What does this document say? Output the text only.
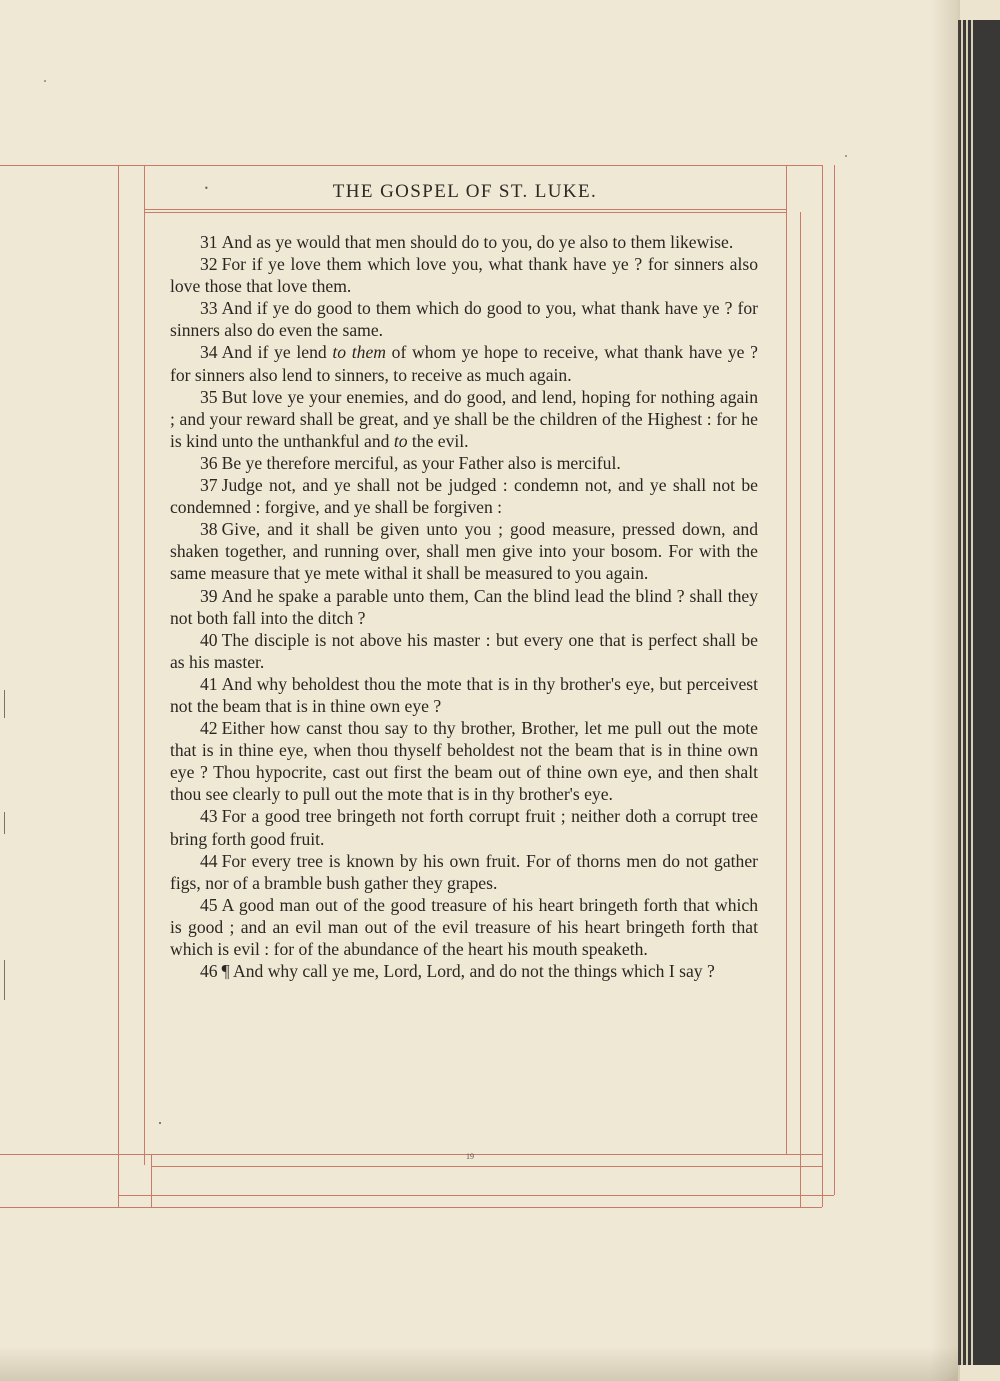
•	THE GOSPEL OF ST. LUKE.

31 And as ye would that men should do to you, do ye also to them likewise.

32 For if ye love them which love you, what thank have ye ? for sinners also love those that love them.

33 And if ye do good to them which do good to you, what thank have ye ? for sinners also do even the same.

34 And if ye lend to them of whom ye hope to receive, what thank have ye ? for sinners also lend to sinners, to receive as much again.

35 But love ye your enemies, and do good, and lend, hoping for nothing again ; and your reward shall be great, and ye shall be the children of the Highest : for he is kind unto the unthankful and to the evil.

36 Be ye therefore merciful, as your Father also is merciful.

37 Judge not, and ye shall not be judged : condemn not, and ye shall not be condemned : forgive, and ye shall be forgiven :

38 Give, and it shall be given unto you ; good measure, pressed down, and shaken together, and running over, shall men give into your bosom. For with the same measure that ye mete withal it shall be measured to you again.

39 And he spake a parable unto them, Can the blind lead the blind ? shall they not both fall into the ditch ?

40 The disciple is not above his master : but every one that is perfect shall be as his master.

41 And why beholdest thou the mote that is in thy brother's eye, but perceivest not the beam that is in thine own eye ?

42 Either how canst thou say to thy brother, Brother, let me pull out the mote that is in thine eye, when thou thyself beholdest not the beam that is in thine own eye ? Thou hypocrite, cast out first the beam out of thine own eye, and then shalt thou see clearly to pull out the mote that is in thy brother's eye.

43 For a good tree bringeth not forth corrupt fruit ; neither doth a corrupt tree bring forth good fruit.

44 For every tree is known by his own fruit. For of thorns men do not gather figs, nor of a bramble bush gather they grapes.

45 A good man out of the good treasure of his heart bringeth forth that which is good ; and an evil man out of the evil treasure of his heart bringeth forth that which is evil : for of the abundance of the heart his mouth speaketh.

46 ¶ And why call ye me, Lord, Lord, and do not the things which I say ?

19
